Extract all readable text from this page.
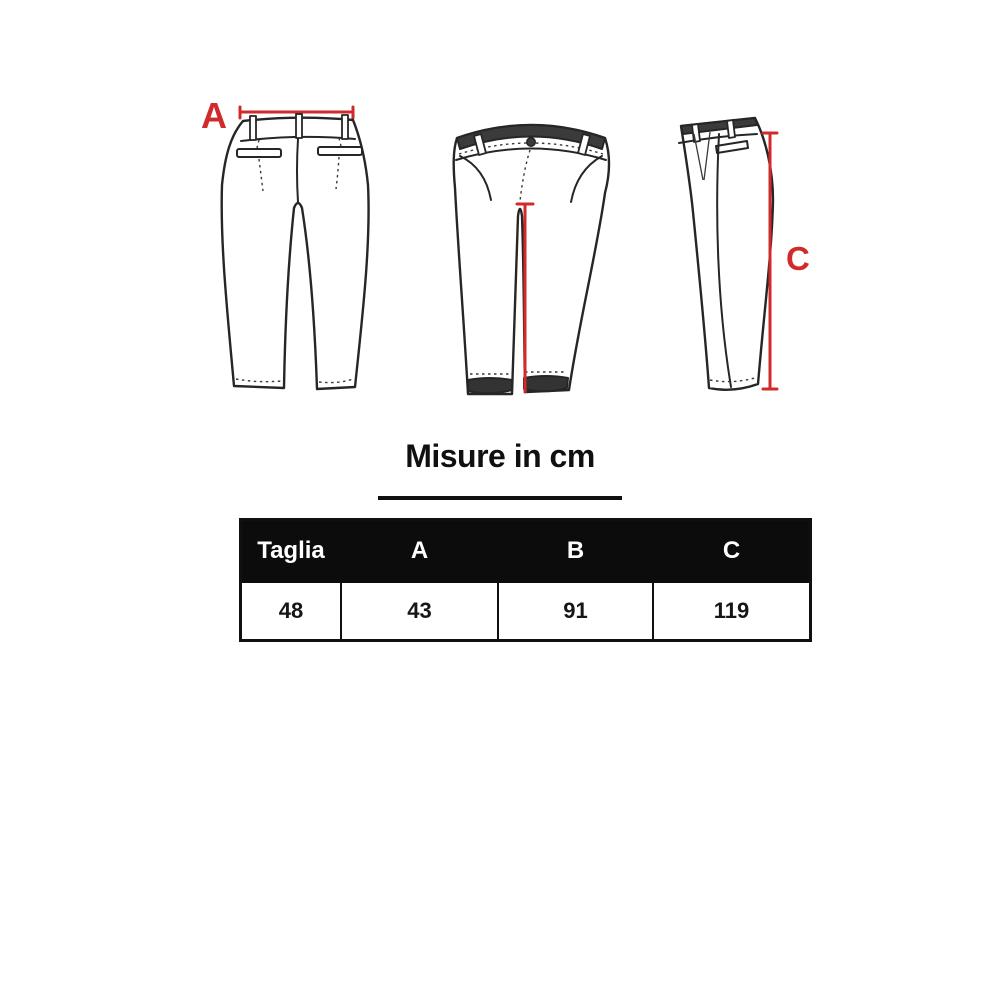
A
C
Misure in cm
Taglia	A	B	C
48	43	91	119
